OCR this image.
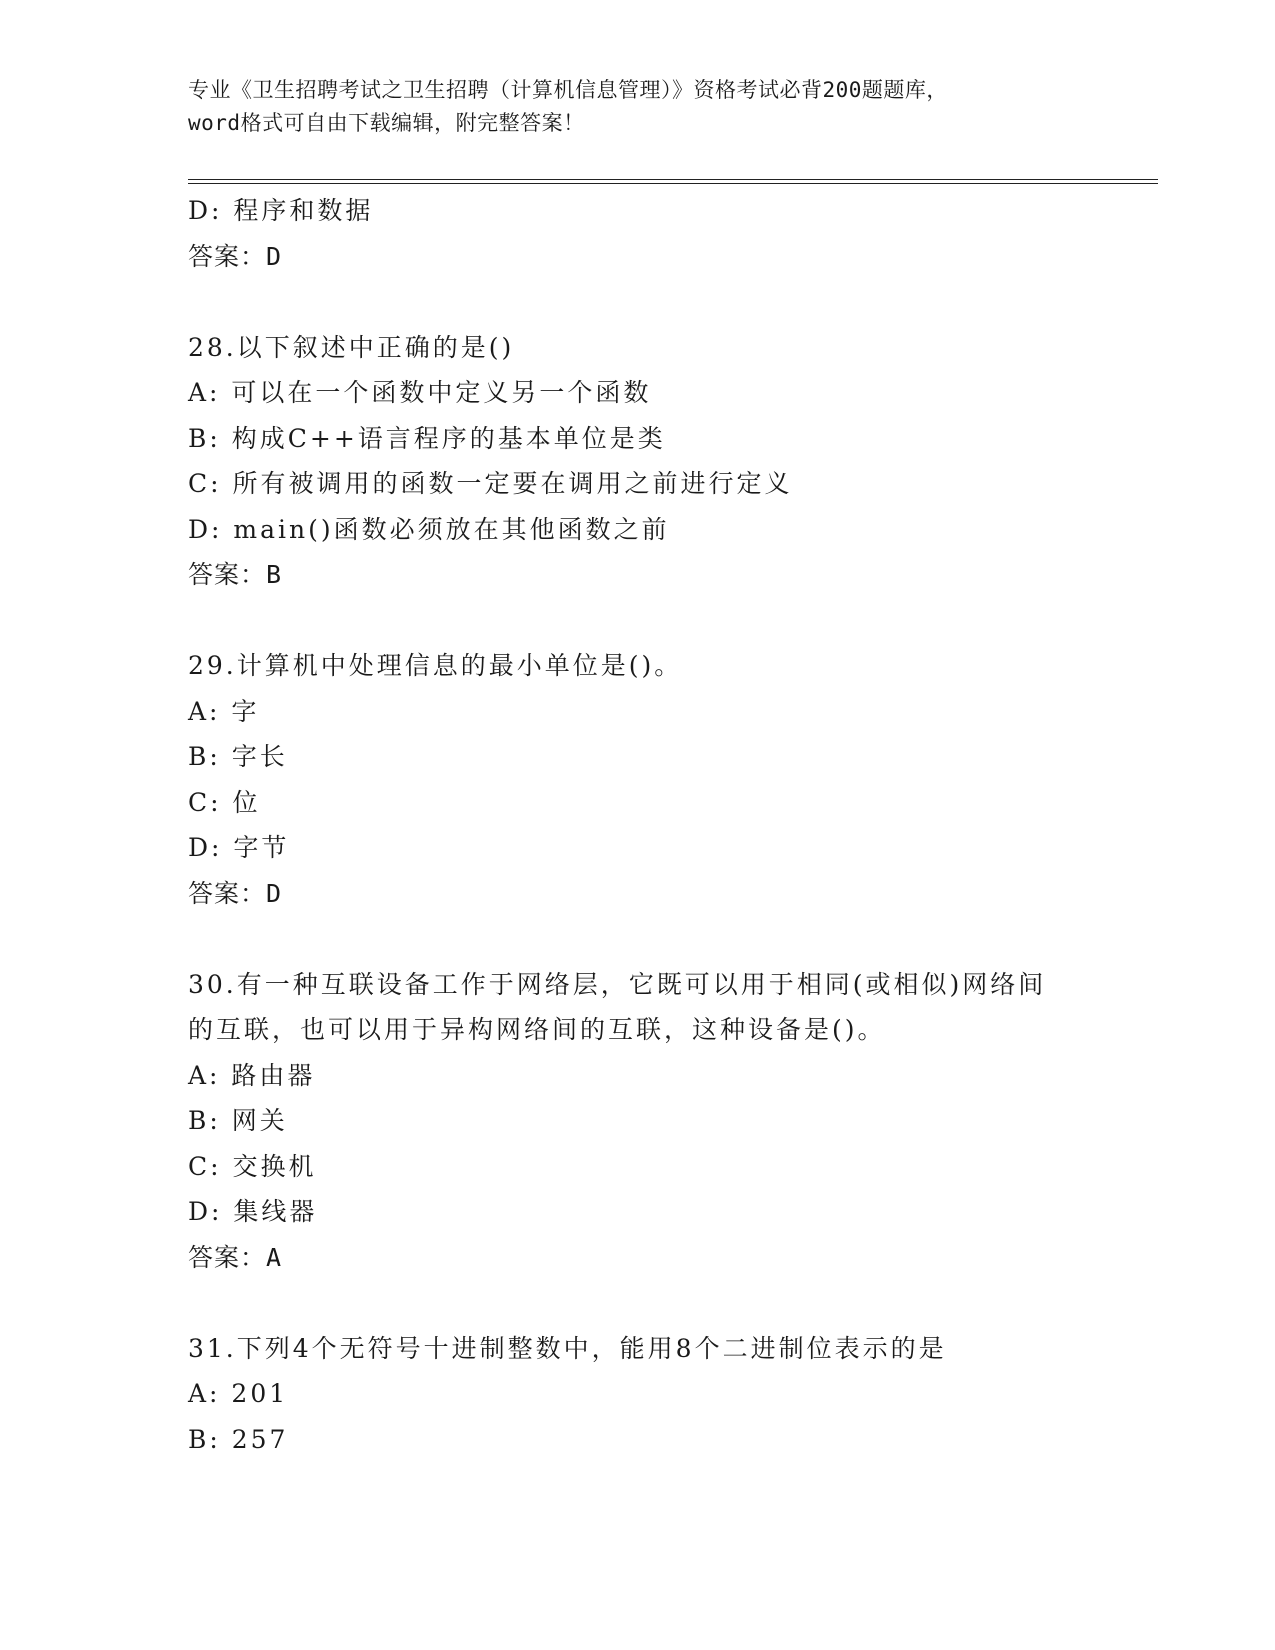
专业《卫生招聘考试之卫生招聘（计算机信息管理）》资格考试必背200题题库，
word格式可自由下载编辑，附完整答案！
D: 程序和数据
答案：D
28.以下叙述中正确的是()
A: 可以在一个函数中定义另一个函数
B: 构成C++语言程序的基本单位是类
C: 所有被调用的函数一定要在调用之前进行定义
D: main()函数必须放在其他函数之前
答案：B
29.计算机中处理信息的最小单位是()。
A: 字
B: 字长
C: 位
D: 字节
答案：D
30.有一种互联设备工作于网络层，它既可以用于相同(或相似)网络间
的互联，也可以用于异构网络间的互联，这种设备是()。
A: 路由器
B: 网关
C: 交换机
D: 集线器
答案：A
31.下列4个无符号十进制整数中，能用8个二进制位表示的是
A: 201
B: 257
